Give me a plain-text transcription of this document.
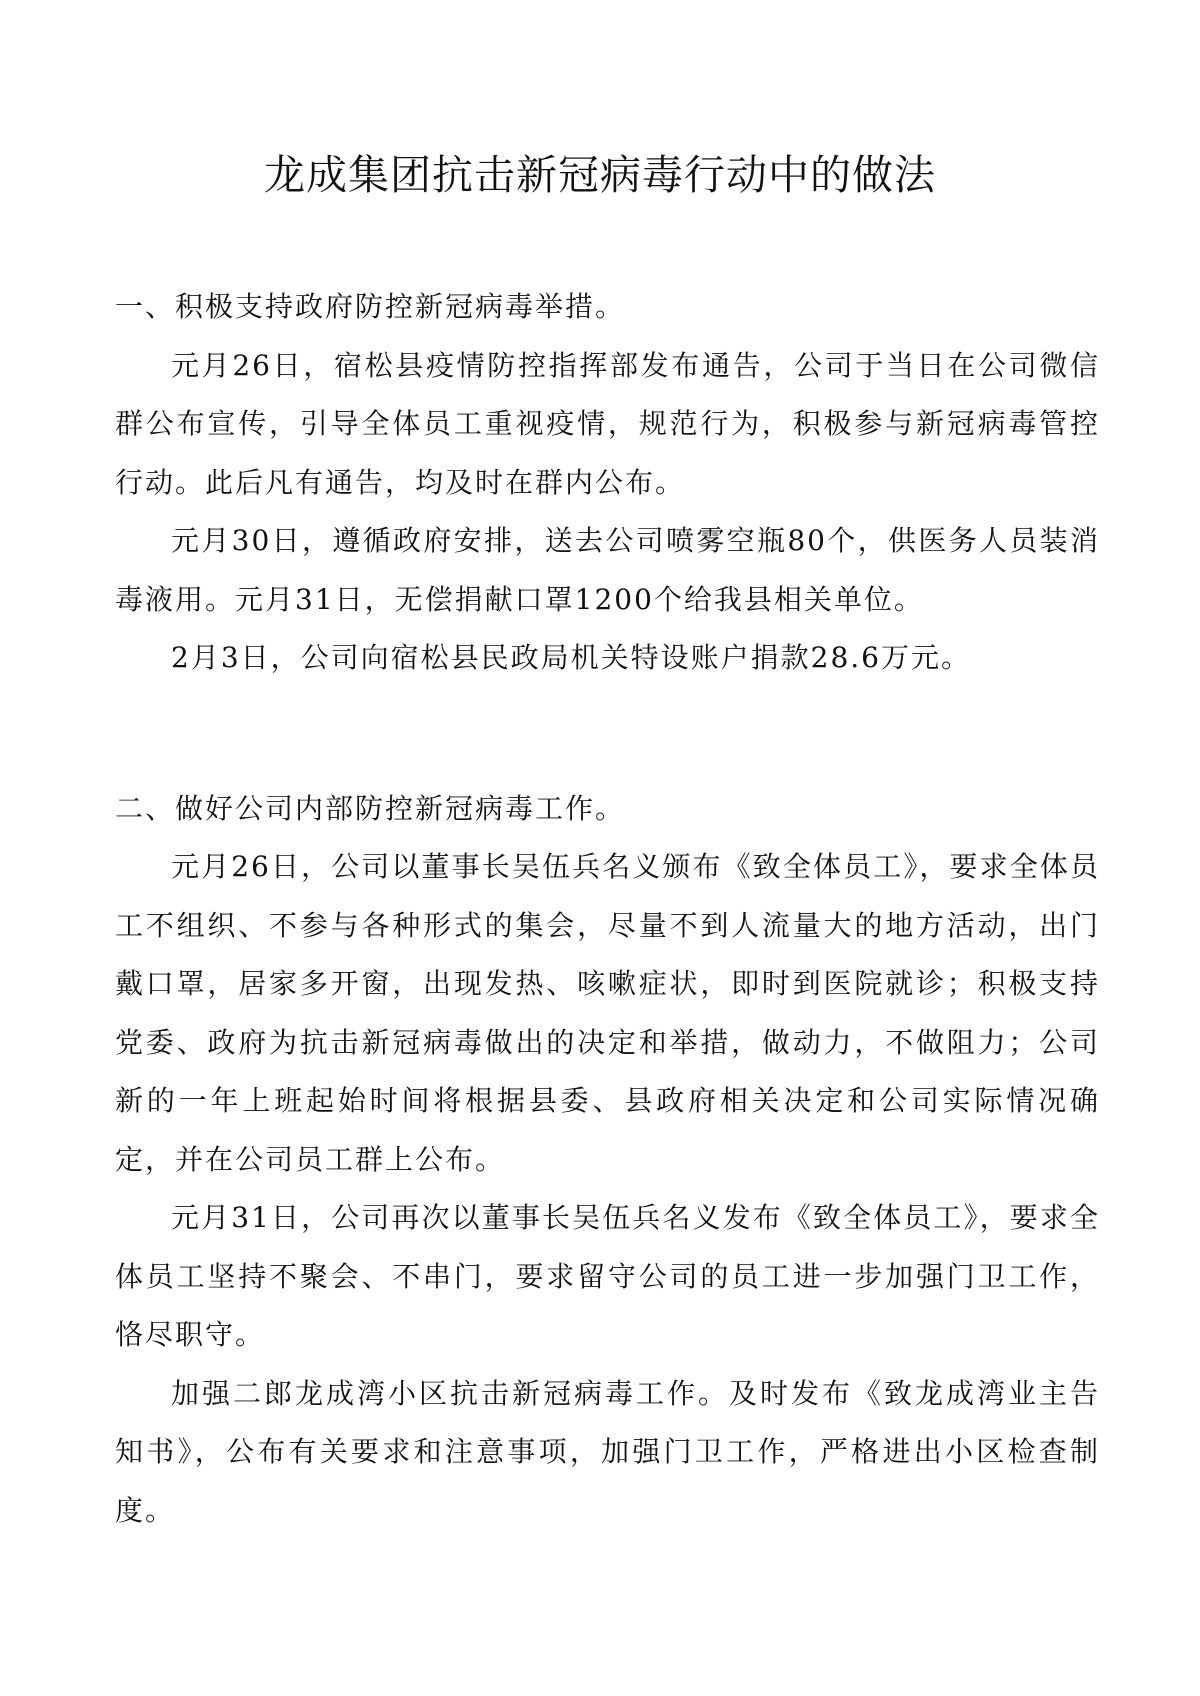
龙成集团抗击新冠病毒行动中的做法
一、积极支持政府防控新冠病毒举措。

元月26日，宿松县疫情防控指挥部发布通告，公司于当日在公司微信群公布宣传，引导全体员工重视疫情，规范行为，积极参与新冠病毒管控行动。此后凡有通告，均及时在群内公布。

元月30日，遵循政府安排，送去公司喷雾空瓶80个，供医务人员装消毒液用。元月31日，无偿捐献口罩1200个给我县相关单位。

2月3日，公司向宿松县民政局机关特设账户捐款28.6万元。

二、做好公司内部防控新冠病毒工作。

元月26日，公司以董事长吴伍兵名义颁布《致全体员工》，要求全体员工不组织、不参与各种形式的集会，尽量不到人流量大的地方活动，出门戴口罩，居家多开窗，出现发热、咳嗽症状，即时到医院就诊；积极支持党委、政府为抗击新冠病毒做出的决定和举措，做动力，不做阻力；公司新的一年上班起始时间将根据县委、县政府相关决定和公司实际情况确定，并在公司员工群上公布。

元月31日，公司再次以董事长吴伍兵名义发布《致全体员工》，要求全体员工坚持不聚会、不串门，要求留守公司的员工进一步加强门卫工作，恪尽职守。

加强二郎龙成湾小区抗击新冠病毒工作。及时发布《致龙成湾业主告知书》，公布有关要求和注意事项，加强门卫工作，严格进出小区检查制度。
